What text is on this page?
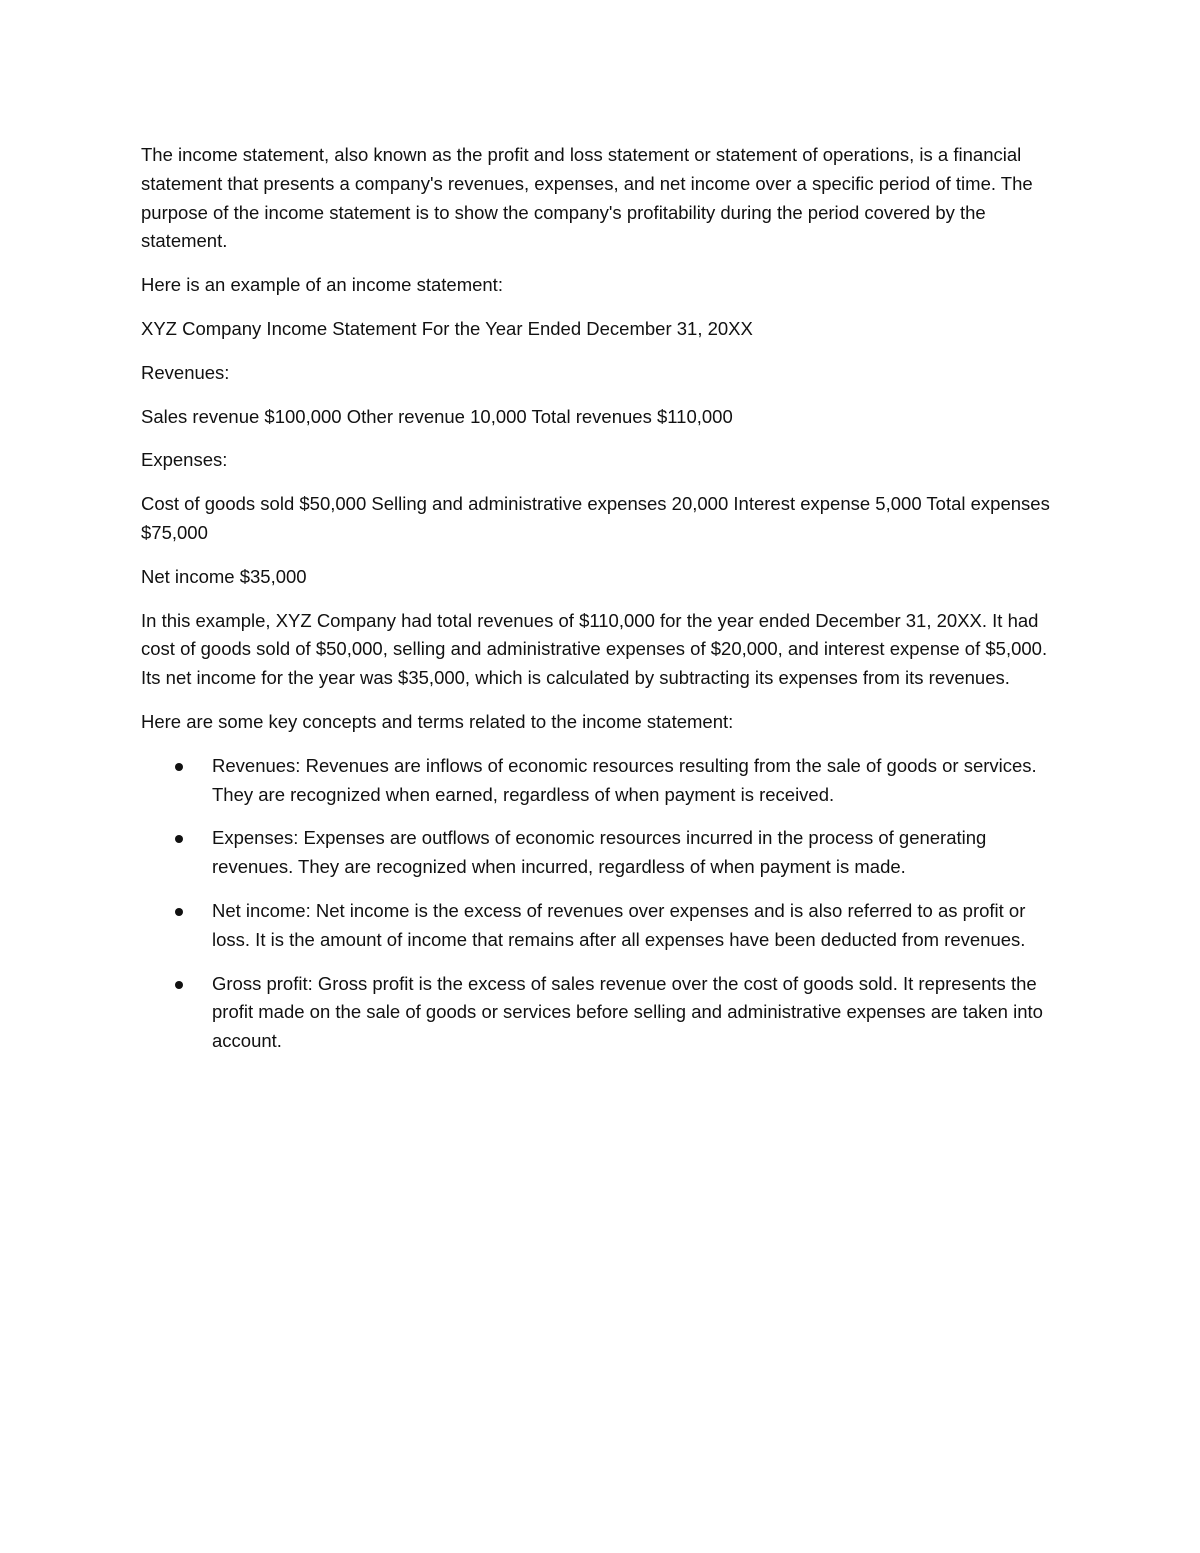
The income statement, also known as the profit and loss statement or statement of operations, is a financial statement that presents a company's revenues, expenses, and net income over a specific period of time. The purpose of the income statement is to show the company's profitability during the period covered by the statement.

Here is an example of an income statement:

XYZ Company Income Statement For the Year Ended December 31, 20XX

Revenues:

Sales revenue $100,000 Other revenue 10,000 Total revenues $110,000

Expenses:

Cost of goods sold $50,000 Selling and administrative expenses 20,000 Interest expense 5,000 Total expenses $75,000

Net income $35,000

In this example, XYZ Company had total revenues of $110,000 for the year ended December 31, 20XX. It had cost of goods sold of $50,000, selling and administrative expenses of $20,000, and interest expense of $5,000. Its net income for the year was $35,000, which is calculated by subtracting its expenses from its revenues.

Here are some key concepts and terms related to the income statement:

Revenues: Revenues are inflows of economic resources resulting from the sale of goods or services. They are recognized when earned, regardless of when payment is received.
Expenses: Expenses are outflows of economic resources incurred in the process of generating revenues. They are recognized when incurred, regardless of when payment is made.
Net income: Net income is the excess of revenues over expenses and is also referred to as profit or loss. It is the amount of income that remains after all expenses have been deducted from revenues.
Gross profit: Gross profit is the excess of sales revenue over the cost of goods sold. It represents the profit made on the sale of goods or services before selling and administrative expenses are taken into account.
